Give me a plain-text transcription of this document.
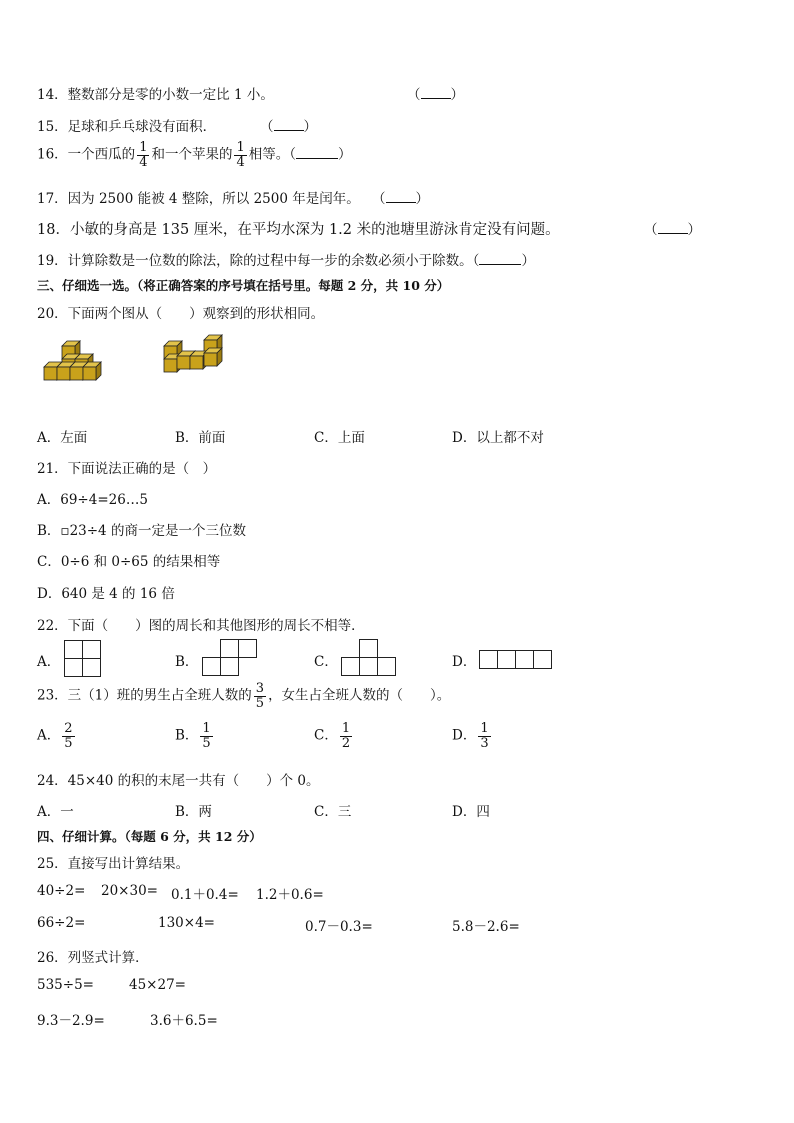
14．整数部分是零的小数一定比 1 小。	（ ）
15．足球和乒乓球没有面积．	（ ）
16．一个西瓜的 $\frac{1}{4}$ 和一个苹果的 $\frac{1}{4}$ 相等。（	）
17．因为 2500 能被 4 整除，所以 2500 年是闰年。 （ ）
18．小敏的身高是 135 厘米，在平均水深为 1.2 米的池塘里游泳肯定没有问题。	（ ）
19．计算除数是一位数的除法，除的过程中每一步的余数必须小于除数。（	）
三、仔细选一选。（将正确答案的序号填在括号里。每题 2 分，共 10 分）
20．下面两个图从（　　）观察到的形状相同。
A．左面	B．前面	C．上面	D．以上都不对
21．下面说法正确的是（　）
A．69÷4=26…5
B．▫23÷4 的商一定是一个三位数
C．0÷6 和 0÷65 的结果相等
D．640 是 4 的 16 倍
22．下面（　　）图的周长和其他图形的周长不相等．
A．	B．	C．	D．
23．三（1）班的男生占全班人数的 $\frac{3}{5}$ ，女生占全班人数的（　　）。
A． $\frac{2}{5}$	B． $\frac{1}{5}$	C． $\frac{1}{2}$	D． $\frac{1}{3}$
24．45×40 的积的末尾一共有（　　）个 0。
A．一	B．两	C．三	D．四
四、仔细计算。（每题 6 分，共 12 分）
25．直接写出计算结果。
40÷2= 20×30= 0.1＋0.4= 1.2＋0.6=
66÷2=	130×4=	0.7－0.3=	5.8－2.6=
26．列竖式计算．
535÷5=	45×27=
9.3－2.9=	3.6＋6.5=
